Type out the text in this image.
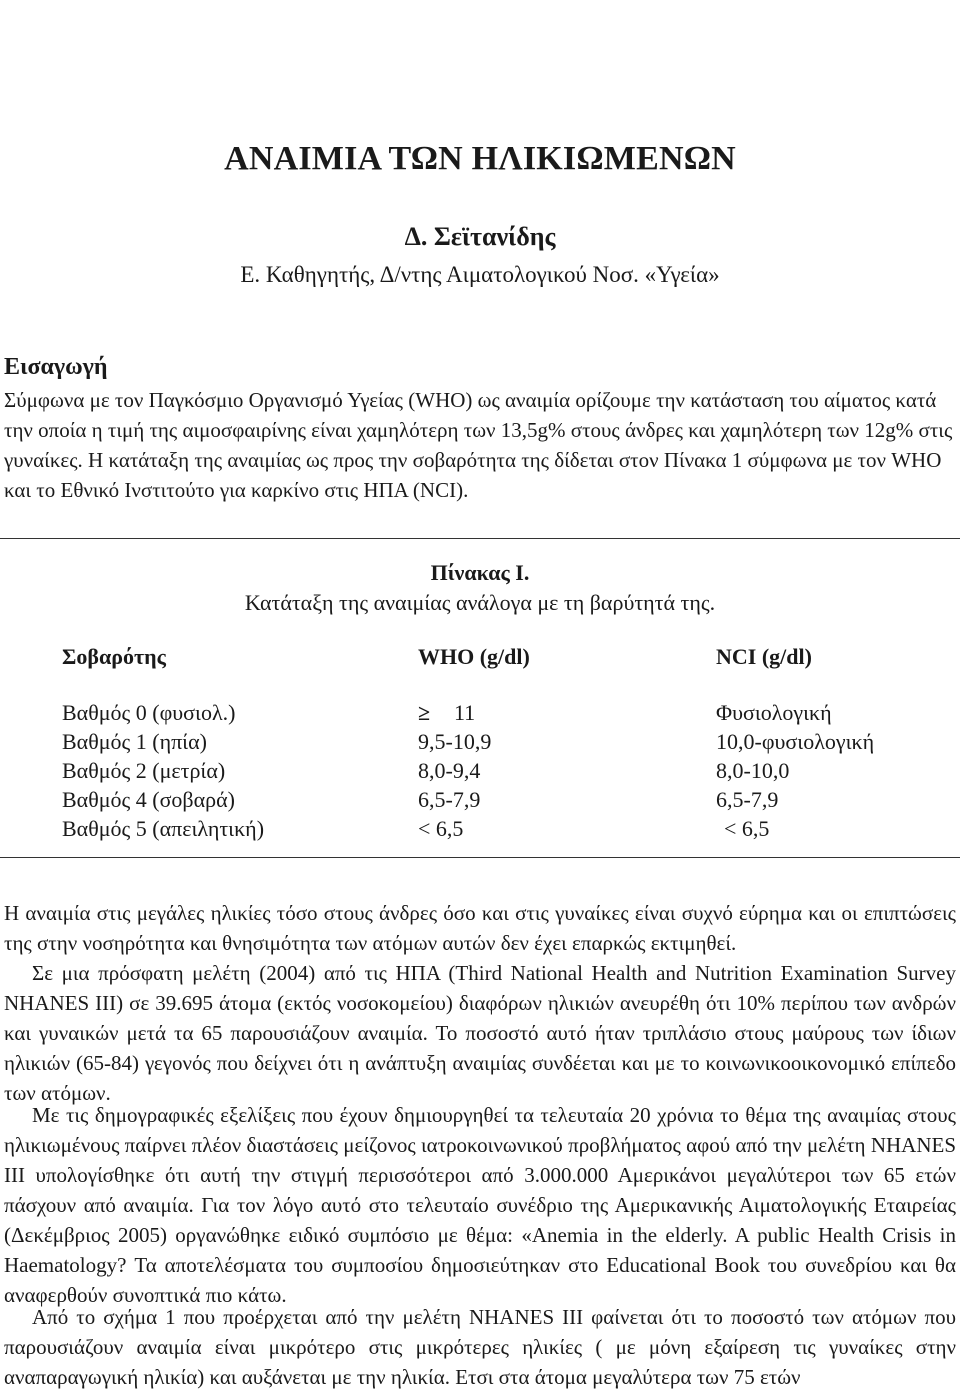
ΑΝΑΙΜΙΑ ΤΩΝ ΗΛΙΚΙΩΜΕΝΩΝ
Δ. Σεϊτανίδης
Ε. Καθηγητής, Δ/ντης Αιματολογικού Νοσ. «Υγεία»
Εισαγωγή

Σύμφωνα με τον Παγκόσμιο Οργανισμό Υγείας (WHO) ως αναιμία ορίζουμε την κατάσταση του αίματος κατά την οποία η τιμή της αιμοσφαιρίνης είναι χαμηλότερη των 13,5g% στους άνδρες και χαμηλότερη των 12g% στις γυναίκες. Η κατάταξη της αναιμίας ως προς την σοβαρότητα της δίδεται στον Πίνακα 1 σύμφωνα με τον WHO και το Εθνικό Ινστιτούτο για καρκίνο στις ΗΠΑ (NCI).

Πίνακας Ι.
Κατάταξη της αναιμίας ανάλογα με τη βαρύτητά της.
Σοβαρότης	WHO (g/dl)	NCI (g/dl)
Βαθμός 0 (φυσιολ.)	≥ 11	Φυσιολογική
Βαθμός 1 (ηπία)	9,5-10,9	10,0-φυσιολογική
Βαθμός 2 (μετρία)	8,0-9,4	8,0-10,0
Βαθμός 4 (σοβαρά)	6,5-7,9	6,5-7,9
Βαθμός 5 (απειλητική)	< 6,5	< 6,5

Η αναιμία στις μεγάλες ηλικίες τόσο στους άνδρες όσο και στις γυναίκες είναι συχνό εύρημα και οι επιπτώσεις της στην νοσηρότητα και θνησιμότητα των ατόμων αυτών δεν έχει επαρκώς εκτιμηθεί.

Σε μια πρόσφατη μελέτη (2004) από τις ΗΠΑ (Third National Health and Nutrition Examination Survey NHANES III) σε 39.695 άτομα (εκτός νοσοκομείου) διαφόρων ηλικιών ανευρέθη ότι 10% περίπου των ανδρών και γυναικών μετά τα 65 παρουσιάζουν αναιμία. Το ποσοστό αυτό ήταν τριπλάσιο στους μαύρους των ίδιων ηλικιών (65-84) γεγονός που δείχνει ότι η ανάπτυξη αναιμίας συνδέεται και με το κοινωνικοοικονομικό επίπεδο των ατόμων.

Με τις δημογραφικές εξελίξεις που έχουν δημιουργηθεί τα τελευταία 20 χρόνια το θέμα της αναιμίας στους ηλικιωμένους παίρνει πλέον διαστάσεις μείζονος ιατροκοινωνικού προβλήματος αφού από την μελέτη NHANES III υπολογίσθηκε ότι αυτή την στιγμή περισσότεροι από 3.000.000 Αμερικάνοι μεγαλύτεροι των 65 ετών πάσχουν από αναιμία. Για τον λόγο αυτό στο τελευταίο συνέδριο της Αμερικανικής Αιματολογικής Εταιρείας (Δεκέμβριος 2005) οργανώθηκε ειδικό συμπόσιο με θέμα: «Anemia in the elderly. A public Health Crisis in Haematology? Τα αποτελέσματα του συμποσίου δημοσιεύτηκαν στο Educational Book του συνεδρίου και θα αναφερθούν συνοπτικά πιο κάτω.

Από το σχήμα 1 που προέρχεται από την μελέτη NHANES III φαίνεται ότι το ποσοστό των ατόμων που παρουσιάζουν αναιμία είναι μικρότερο στις μικρότερες ηλικίες ( με μόνη εξαίρεση τις γυναίκες στην αναπαραγωγική ηλικία) και αυξάνεται με την ηλικία. Ετσι στα άτομα μεγαλύτερα των 75 ετών
